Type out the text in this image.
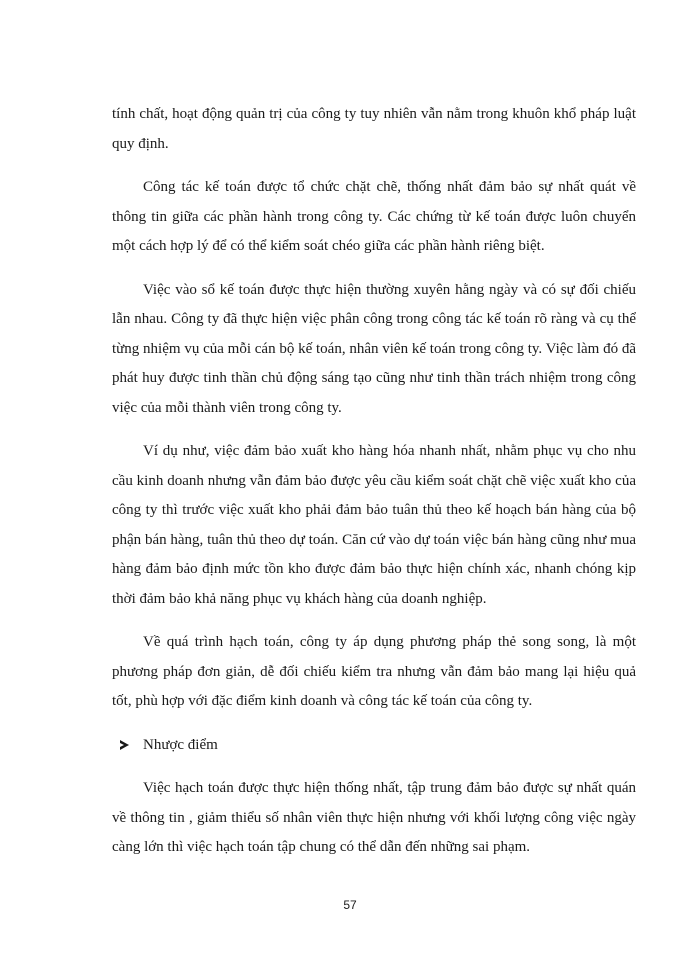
tính chất, hoạt động quản trị của công ty tuy nhiên vẫn nằm trong khuôn khổ pháp luật quy định.

Công tác kế toán được tổ chức chặt chẽ, thống nhất đảm bảo sự nhất quát về thông tin giữa các phần hành trong công ty. Các chứng từ kế toán được luôn chuyển một cách hợp lý để có thể kiểm soát chéo giữa các phần hành riêng biệt.

Việc vào sổ kế toán được thực hiện thường xuyên hằng ngày và có sự đối chiếu lẫn nhau. Công ty đã thực hiện việc phân công trong công tác kế toán rõ ràng và cụ thể từng nhiệm vụ của mỗi cán bộ kế toán, nhân viên kế toán trong công ty. Việc làm đó đã phát huy được tinh thần chủ động sáng tạo cũng như tinh thần trách nhiệm trong công việc của mỗi thành viên trong công ty.

Ví dụ như, việc đảm bảo xuất kho hàng hóa nhanh nhất, nhằm phục vụ cho nhu cầu kinh doanh nhưng vẫn đảm bảo được yêu cầu kiểm soát chặt chẽ việc xuất kho của công ty thì trước việc xuất kho phải đảm bảo tuân thủ theo kế hoạch bán hàng của bộ phận bán hàng, tuân thủ theo dự toán. Căn cứ vào dự toán việc bán hàng cũng như mua hàng đảm bảo định mức tồn kho được đảm bảo thực hiện chính xác, nhanh chóng kịp thời đảm bảo khả năng phục vụ khách hàng của doanh nghiệp.

Về quá trình hạch toán, công ty áp dụng phương pháp thẻ song song, là một phương pháp đơn giản, dễ đối chiếu kiểm tra nhưng vẫn đảm bảo mang lại hiệu quả tốt, phù hợp với đặc điểm kinh doanh và công tác kế toán của công ty.

Nhược điểm

Việc hạch toán được thực hiện thống nhất, tập trung đảm bảo được sự nhất quán về thông tin , giảm thiểu số nhân viên thực hiện nhưng với khối lượng công việc ngày càng lớn thì việc hạch toán tập chung có thể dẫn đến những sai phạm.

57
